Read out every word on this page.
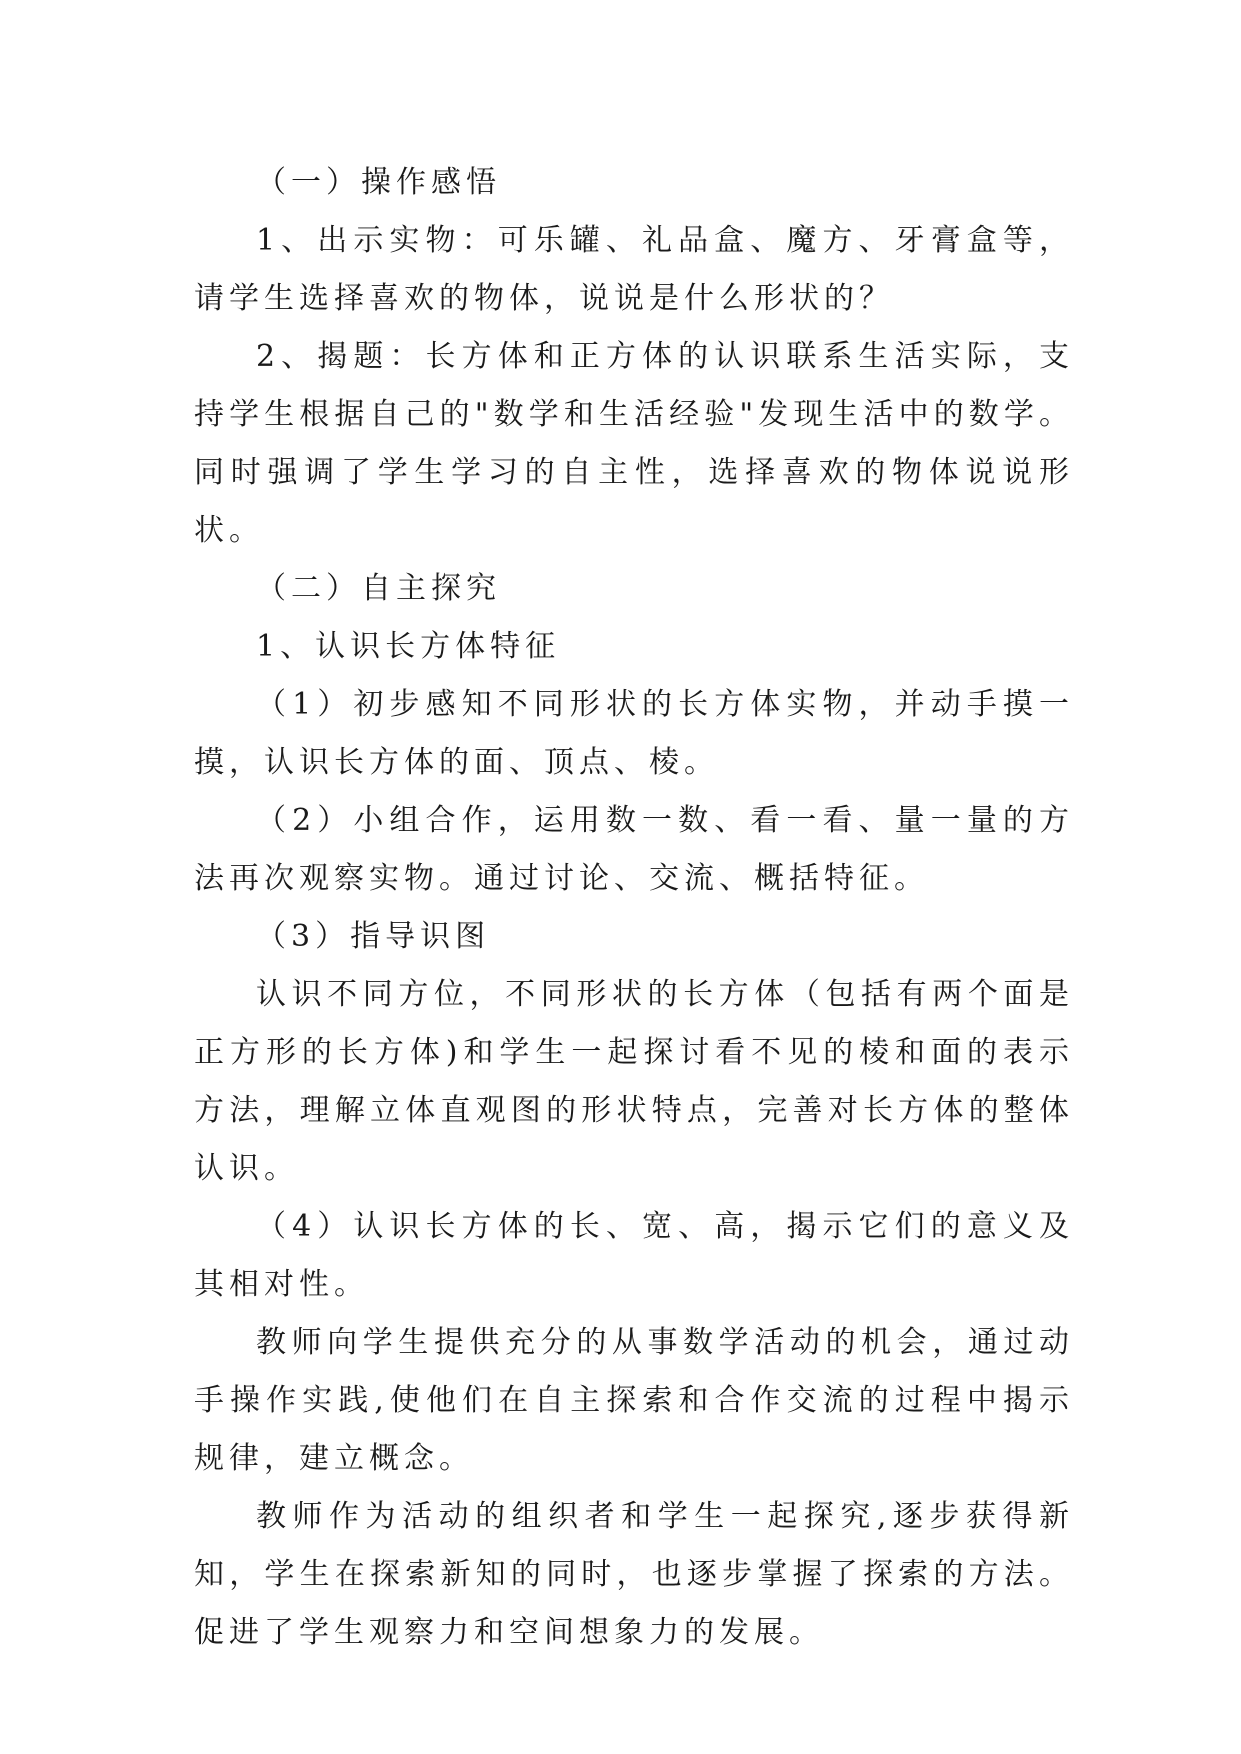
（一）操作感悟

1、出示实物：可乐罐、礼品盒、魔方、牙膏盒等，请学生选择喜欢的物体，说说是什么形状的？

2、揭题：长方体和正方体的认识联系生活实际，支持学生根据自己的"数学和生活经验"发现生活中的数学。同时强调了学生学习的自主性，选择喜欢的物体说说形状。

（二）自主探究

1、认识长方体特征

（1）初步感知不同形状的长方体实物，并动手摸一摸，认识长方体的面、顶点、棱。

（2）小组合作，运用数一数、看一看、量一量的方法再次观察实物。通过讨论、交流、概括特征。

（3）指导识图

认识不同方位，不同形状的长方体（包括有两个面是正方形的长方体)和学生一起探讨看不见的棱和面的表示方法，理解立体直观图的形状特点，完善对长方体的整体认识。

（4）认识长方体的长、宽、高，揭示它们的意义及其相对性。

教师向学生提供充分的从事数学活动的机会，通过动手操作实践,使他们在自主探索和合作交流的过程中揭示规律，建立概念。

教师作为活动的组织者和学生一起探究,逐步获得新知，学生在探索新知的同时，也逐步掌握了探索的方法。促进了学生观察力和空间想象力的发展。
